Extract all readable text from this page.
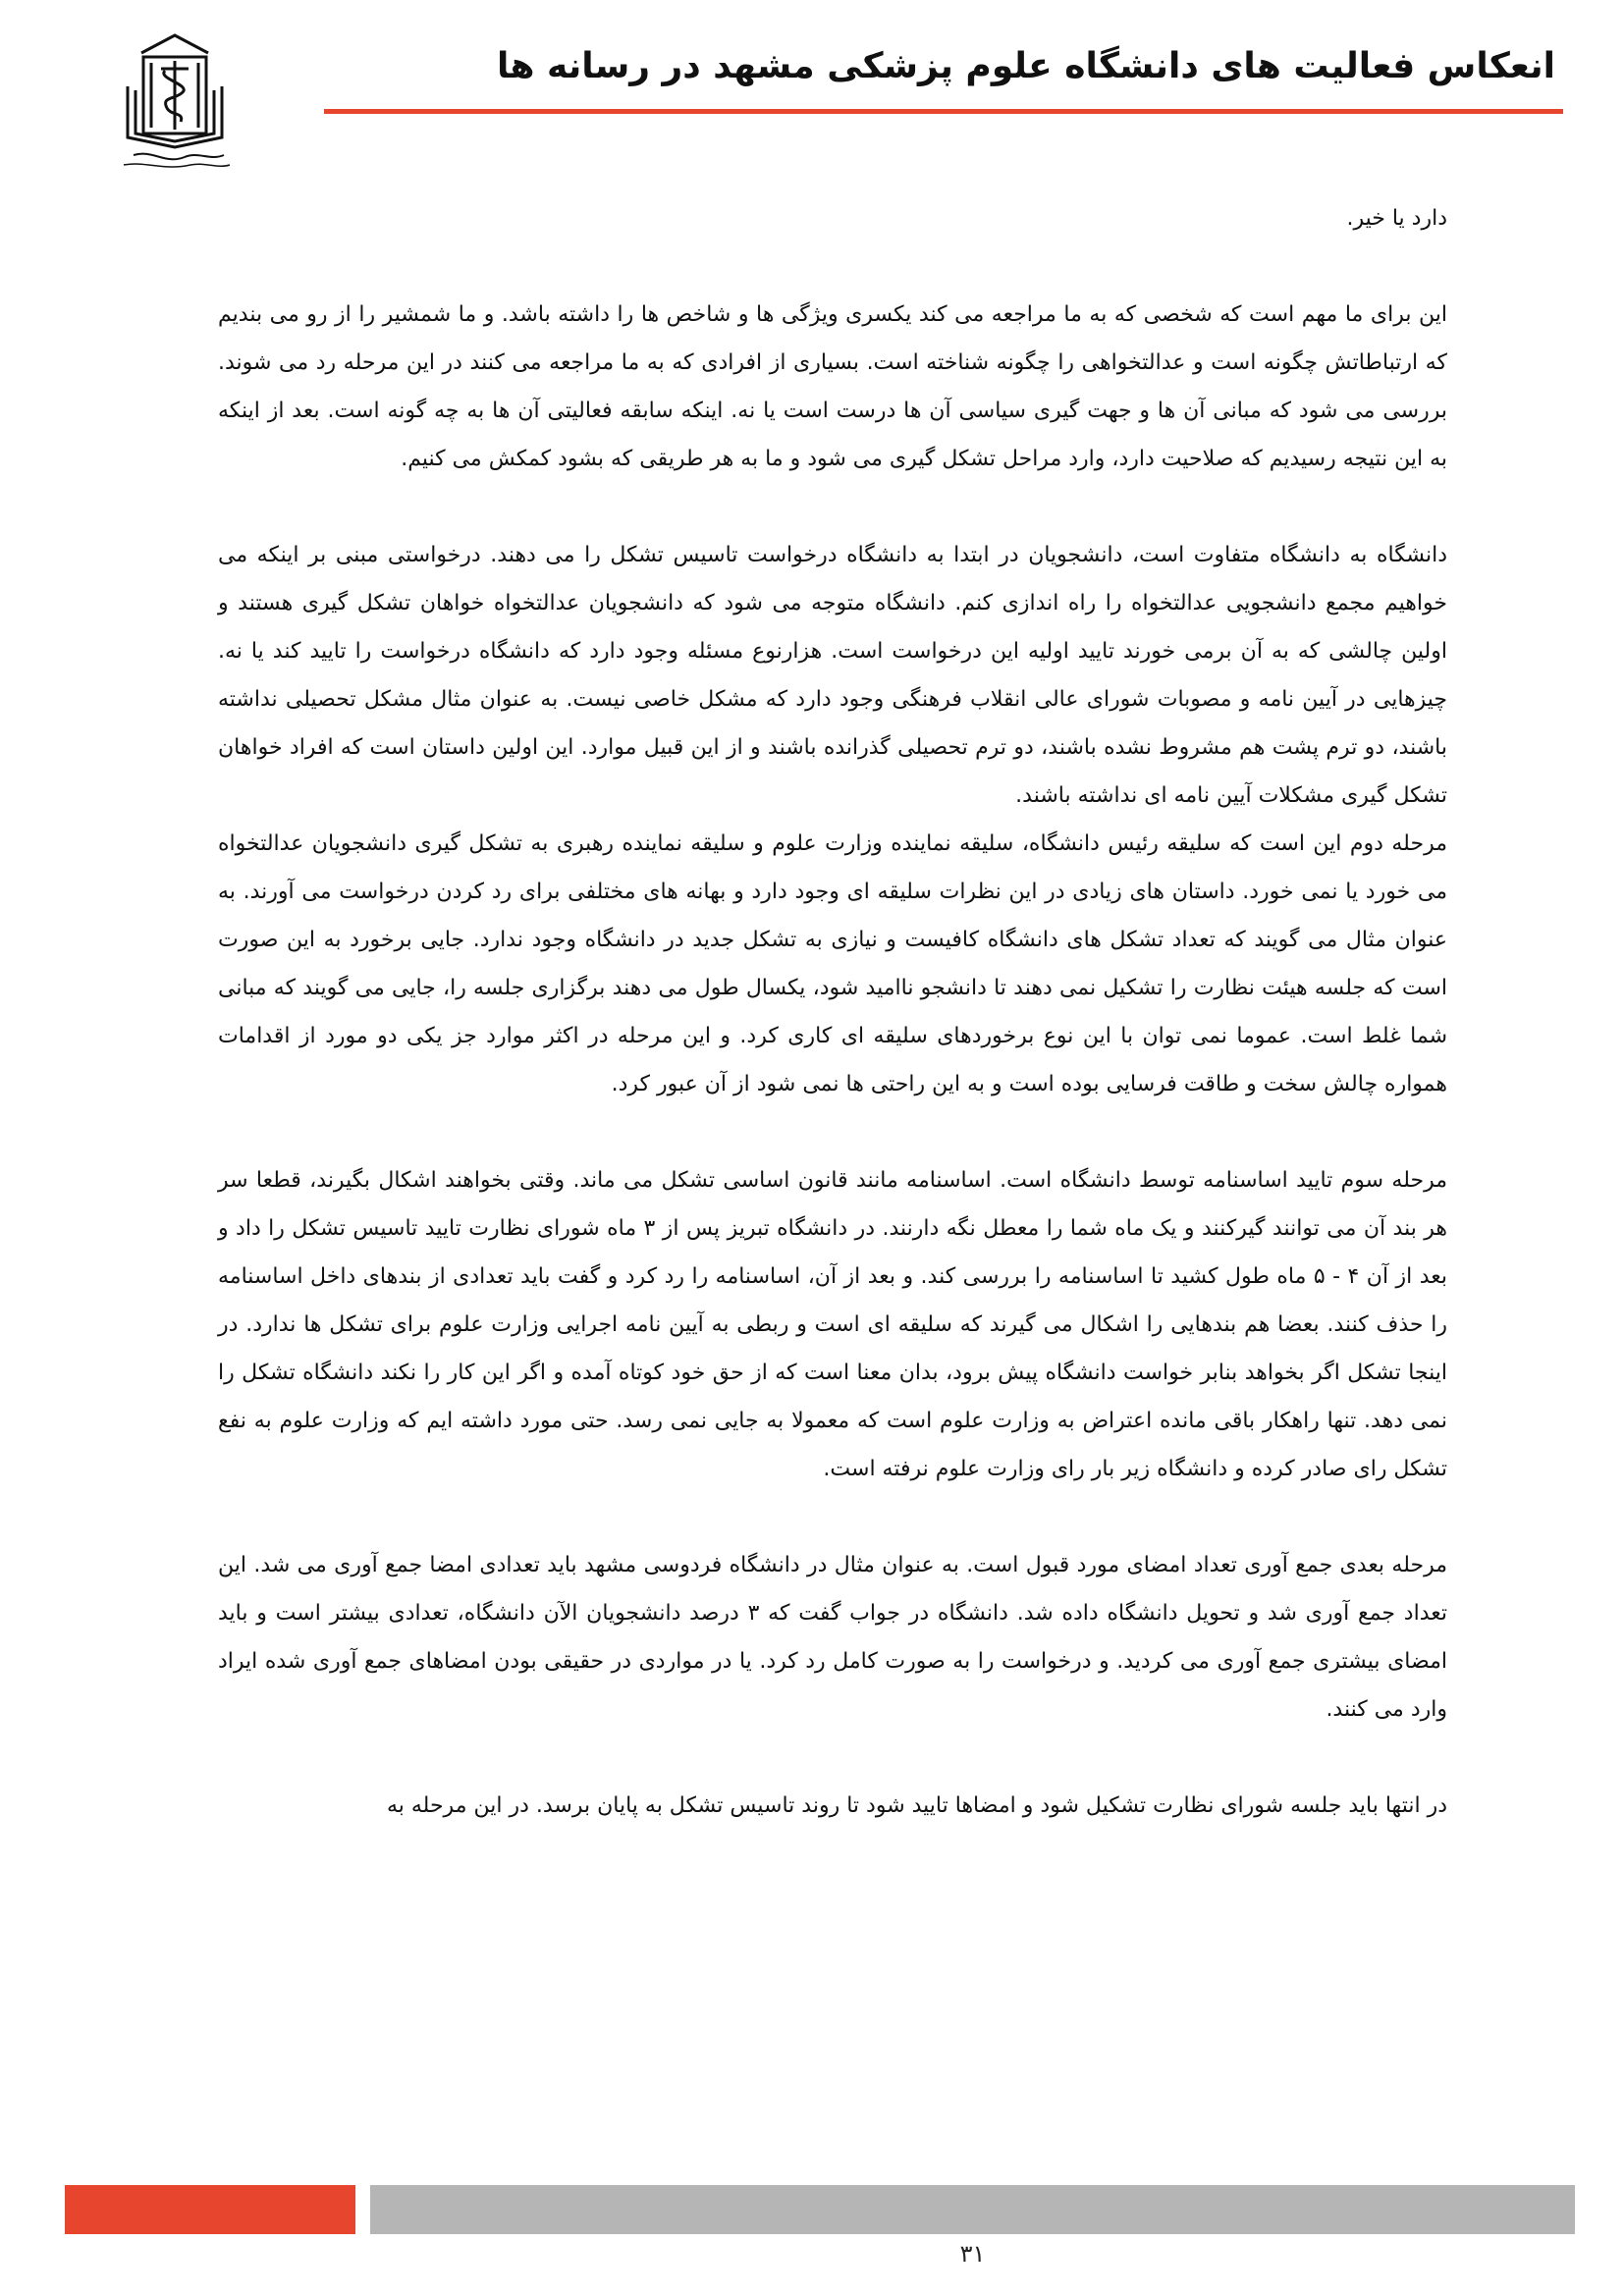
انعکاس فعالیت های دانشگاه علوم پزشکی مشهد در رسانه ها

دارد یا خیر.

این برای ما مهم است که شخصی که به ما مراجعه می کند یکسری ویژگی ها و شاخص ها را داشته باشد. و ما شمشیر را از رو می بندیم که ارتباطاتش چگونه است و عدالتخواهی را چگونه شناخته است. بسیاری از افرادی که به ما مراجعه می کنند در این مرحله رد می شوند. بررسی می شود که مبانی آن ها و جهت گیری سیاسی آن ها درست است یا نه. اینکه سابقه فعالیتی آن ها به چه گونه است. بعد از اینکه به این نتیجه رسیدیم که صلاحیت دارد، وارد مراحل تشکل گیری می شود و ما به هر طریقی که بشود کمکش می کنیم.

دانشگاه به دانشگاه متفاوت است، دانشجویان در ابتدا به دانشگاه درخواست تاسیس تشکل را می دهند. درخواستی مبنی بر اینکه می خواهیم مجمع دانشجویی عدالتخواه را راه اندازی کنم. دانشگاه متوجه می شود که دانشجویان عدالتخواه خواهان تشکل گیری هستند و اولین چالشی که به آن برمی خورند تایید اولیه این درخواست است. هزارنوع مسئله وجود دارد که دانشگاه درخواست را تایید کند یا نه. چیزهایی در آیین نامه و مصوبات شورای عالی انقلاب فرهنگی وجود دارد که مشکل خاصی نیست. به عنوان مثال مشکل تحصیلی نداشته باشند، دو ترم پشت هم مشروط نشده باشند، دو ترم تحصیلی گذرانده باشند و از این قبیل موارد. این اولین داستان است که افراد خواهان تشکل گیری مشکلات آیین نامه ای نداشته باشند.

مرحله دوم این است که سلیقه رئیس دانشگاه، سلیقه نماینده وزارت علوم و سلیقه نماینده رهبری به تشکل گیری دانشجویان عدالتخواه می خورد یا نمی خورد. داستان های زیادی در این نظرات سلیقه ای وجود دارد و بهانه های مختلفی برای رد کردن درخواست می آورند. به عنوان مثال می گویند که تعداد تشکل های دانشگاه کافیست و نیازی به تشکل جدید در دانشگاه وجود ندارد. جایی برخورد به این صورت است که جلسه هیئت نظارت را تشکیل نمی دهند تا دانشجو ناامید شود، یکسال طول می دهند برگزاری جلسه را، جایی می گویند که مبانی شما غلط است. عموما نمی توان با این نوع برخوردهای سلیقه ای کاری کرد. و این مرحله در اکثر موارد جز یکی دو مورد از اقدامات همواره چالش سخت و طاقت فرسایی بوده است و به این راحتی ها نمی شود از آن عبور کرد.

مرحله سوم تایید اساسنامه توسط دانشگاه است. اساسنامه مانند قانون اساسی تشکل می ماند. وقتی بخواهند اشکال بگیرند، قطعا سر هر بند آن می توانند گیرکنند و یک ماه شما را معطل نگه دارنند. در دانشگاه تبریز پس از ۳ ماه شورای نظارت تایید تاسیس تشکل را داد و بعد از آن ۴ - ۵ ماه طول کشید تا اساسنامه را بررسی کند. و بعد از آن، اساسنامه را رد کرد و گفت باید تعدادی از بندهای داخل اساسنامه را حذف کنند. بعضا هم بندهایی را اشکال می گیرند که سلیقه ای است و ربطی به آیین نامه اجرایی وزارت علوم برای تشکل ها ندارد. در اینجا تشکل اگر بخواهد بنابر خواست دانشگاه پیش برود، بدان معنا است که از حق خود کوتاه آمده و اگر این کار را نکند دانشگاه تشکل را نمی دهد. تنها راهکار باقی مانده اعتراض به وزارت علوم است که معمولا به جایی نمی رسد. حتی مورد داشته ایم که وزارت علوم به نفع تشکل رای صادر کرده و دانشگاه زیر بار رای وزارت علوم نرفته است.

مرحله بعدی جمع آوری تعداد امضای مورد قبول است. به عنوان مثال در دانشگاه فردوسی مشهد باید تعدادی امضا جمع آوری می شد. این تعداد جمع آوری شد و تحویل دانشگاه داده شد. دانشگاه در جواب گفت که ۳ درصد دانشجویان الآن دانشگاه، تعدادی بیشتر است و باید امضای بیشتری جمع آوری می کردید. و درخواست را به صورت کامل رد کرد. یا در مواردی در حقیقی بودن امضاهای جمع آوری شده ایراد وارد می کنند.

در انتها باید جلسه شورای نظارت تشکیل شود و امضاها تایید شود تا روند تاسیس تشکل به پایان برسد. در این مرحله به

۳۱
